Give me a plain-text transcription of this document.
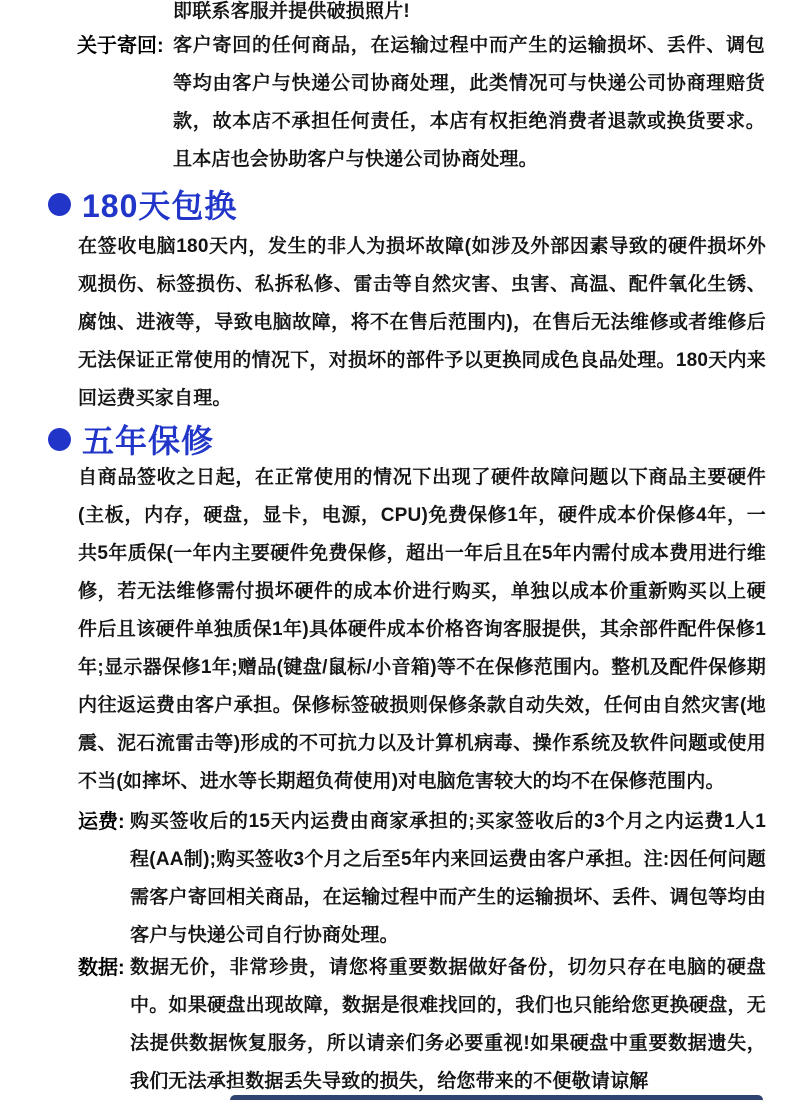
即联系客服并提供破损照片!
关于寄回: 客户寄回的任何商品，在运输过程中而产生的运输损坏、丢件、调包等均由客户与快递公司协商处理，此类情况可与快递公司协商理赔货款，故本店不承担任何责任，本店有权拒绝消费者退款或换货要求。且本店也会协助客户与快递公司协商处理。
180天包换
在签收电脑180天内，发生的非人为损坏故障(如涉及外部因素导致的硬件损坏外观损伤、标签损伤、私拆私修、雷击等自然灾害、虫害、高温、配件氧化生锈、腐蚀、进液等，导致电脑故障，将不在售后范围内)，在售后无法维修或者维修后无法保证正常使用的情况下，对损坏的部件予以更换同成色良品处理。180天内来回运费买家自理。
五年保修
自商品签收之日起，在正常使用的情况下出现了硬件故障问题以下商品主要硬件(主板，内存，硬盘，显卡，电源，CPU)免费保修1年，硬件成本价保修4年，一共5年质保(一年内主要硬件免费保修，超出一年后且在5年内需付成本费用进行维修，若无法维修需付损坏硬件的成本价进行购买，单独以成本价重新购买以上硬件后且该硬件单独质保1年)具体硬件成本价格咨询客服提供，其余部件配件保修1年;显示器保修1年;赠品(键盘/鼠标/小音箱)等不在保修范围内。整机及配件保修期内往返运费由客户承担。保修标签破损则保修条款自动失效，任何由自然灾害(地震、泥石流雷击等)形成的不可抗力以及计算机病毒、操作系统及软件问题或使用不当(如摔坏、进水等长期超负荷使用)对电脑危害较大的均不在保修范围内。
运费: 购买签收后的15天内运费由商家承担的;买家签收后的3个月之内运费1人1程(AA制);购买签收3个月之后至5年内来回运费由客户承担。注:因任何问题需客户寄回相关商品，在运输过程中而产生的运输损坏、丢件、调包等均由客户与快递公司自行协商处理。
数据: 数据无价，非常珍贵，请您将重要数据做好备份，切勿只存在电脑的硬盘中。如果硬盘出现故障，数据是很难找回的，我们也只能给您更换硬盘，无法提供数据恢复服务，所以请亲们务必要重视!如果硬盘中重要数据遗失，我们无法承担数据丢失导致的损失，给您带来的不便敬请谅解
